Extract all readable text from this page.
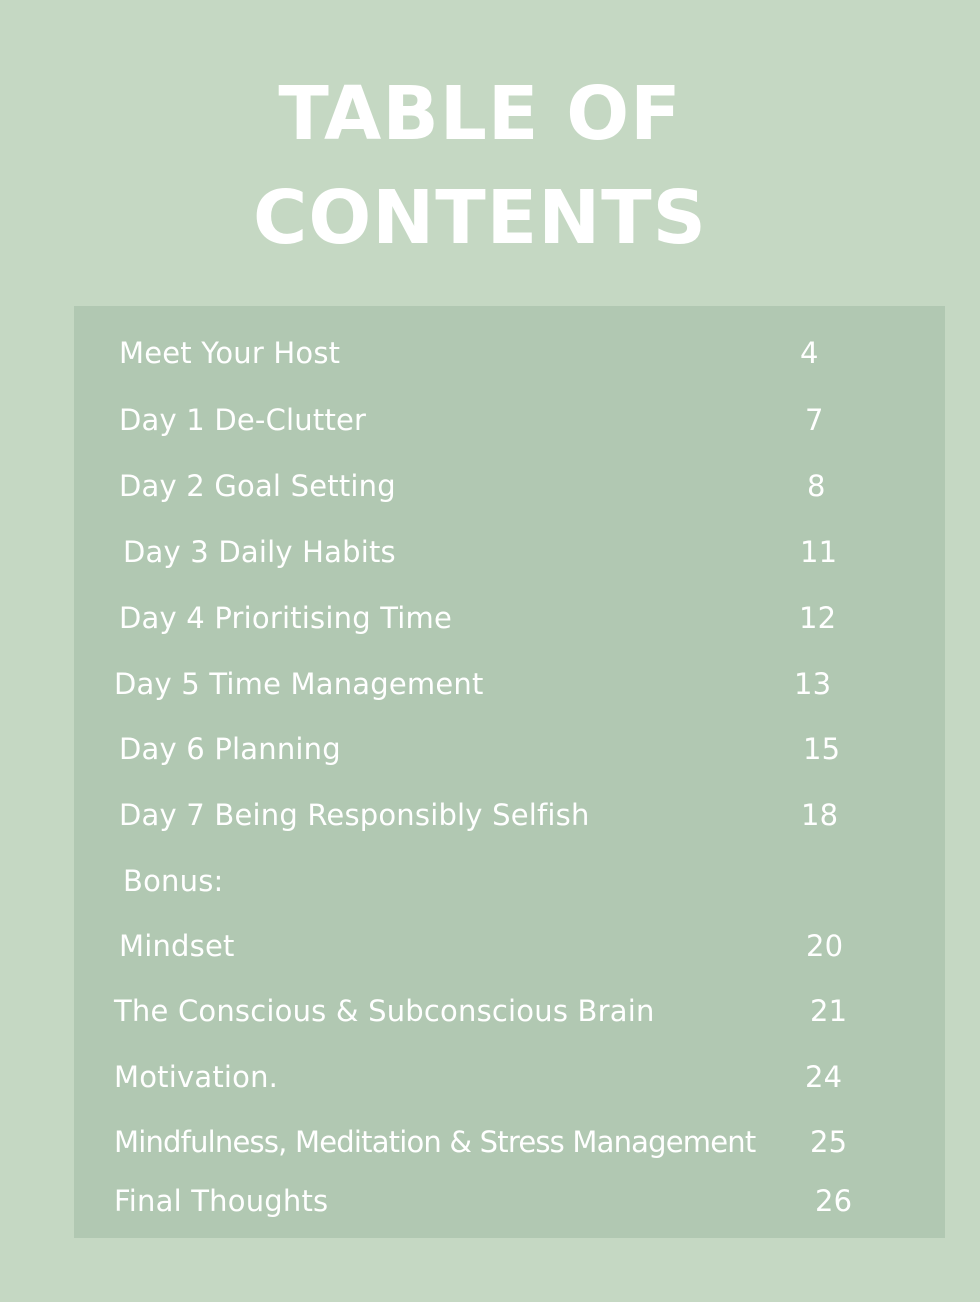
TABLE OF
CONTENTS
Meet Your Host	4
Day 1 De-Clutter	7
Day 2 Goal Setting	8
Day 3 Daily Habits	11
Day 4 Prioritising Time	12
Day 5 Time Management	13
Day 6 Planning	15
Day 7 Being Responsibly Selfish	18
Bonus:
Mindset	20
The Conscious & Subconscious Brain	21
Motivation.	24
Mindfulness, Meditation & Stress Management 25
Final Thoughts	26
